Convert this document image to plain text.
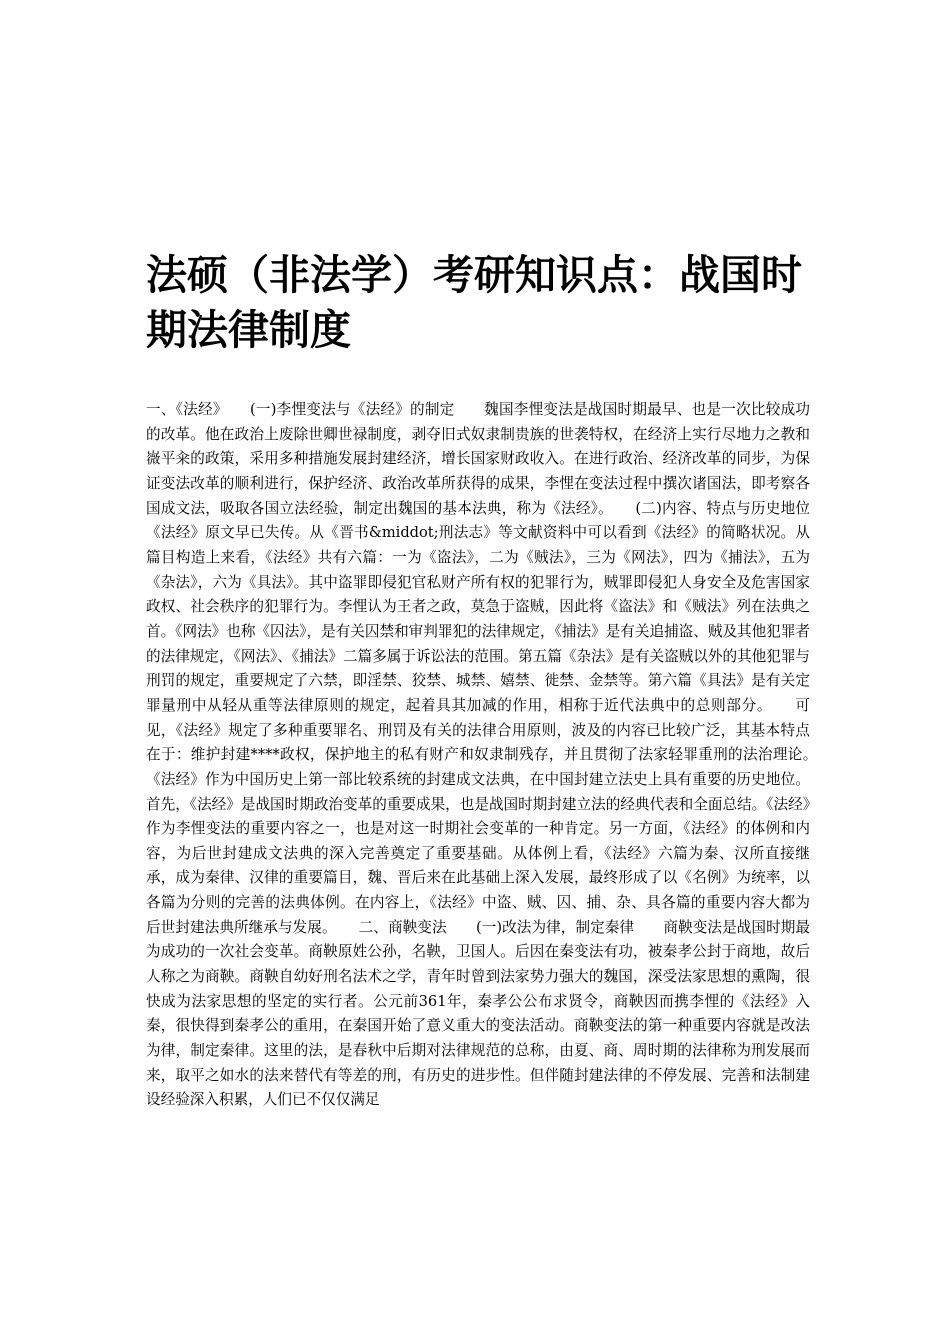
法硕（非法学）考研知识点：战国时期法律制度

一、《法经》　　(一)李悝变法与《法经》的制定　　魏国李悝变法是战国时期最早、也是一次比较成功的改革。他在政治上废除世卿世禄制度，剥夺旧式奴隶制贵族的世袭特权，在经济上实行尽地力之教和嶶平籴的政策，采用多种措施发展封建经济，增长国家财政收入。在进行政治、经济改革的同步，为保证变法改革的顺利进行，保护经济、政治改革所获得的成果，李悝在变法过程中撰次诸国法，即考察各国成文法，吸取各国立法经验，制定出魏国的基本法典，称为《法经》。　　(二)内容、特点与历史地位　　《法经》原文早已失传。从《晋书&middot;刑法志》等文献资料中可以看到《法经》的简略状况。从篇目构造上来看，《法经》共有六篇：一为《盗法》，二为《贼法》，三为《网法》，四为《捕法》，五为《杂法》，六为《具法》。其中盗罪即侵犯官私财产所有权的犯罪行为，贼罪即侵犯人身安全及危害国家政权、社会秩序的犯罪行为。李悝认为王者之政，莫急于盗贼，因此将《盗法》和《贼法》列在法典之首。《网法》也称《囚法》，是有关囚禁和审判罪犯的法律规定，《捕法》是有关追捕盗、贼及其他犯罪者的法律规定，《网法》、《捕法》二篇多属于诉讼法的范围。第五篇《杂法》是有关盗贼以外的其他犯罪与刑罚的规定，重要规定了六禁，即淫禁、狡禁、城禁、嬉禁、徙禁、金禁等。第六篇《具法》是有关定罪量刑中从轻从重等法律原则的规定，起着具其加减的作用，相称于近代法典中的总则部分。　　可见，《法经》规定了多种重要罪名、刑罚及有关的法律合用原则，波及的内容已比较广泛，其基本特点在于：维护封建****政权，保护地主的私有财产和奴隶制残存，并且贯彻了法家轻罪重刑的法治理论。　　《法经》作为中国历史上第一部比较系统的封建成文法典，在中国封建立法史上具有重要的历史地位。首先，《法经》是战国时期政治变革的重要成果，也是战国时期封建立法的经典代表和全面总结。《法经》作为李悝变法的重要内容之一，也是对这一时期社会变革的一种肯定。另一方面，《法经》的体例和内容，为后世封建成文法典的深入完善奠定了重要基础。从体例上看，《法经》六篇为秦、汉所直接继承，成为秦律、汉律的重要篇目，魏、晋后来在此基础上深入发展，最终形成了以《名例》为统率，以各篇为分则的完善的法典体例。在内容上，《法经》中盗、贼、囚、捕、杂、具各篇的重要内容大都为后世封建法典所继承与发展。　　二、商鞅变法　　(一)改法为律，制定秦律　　商鞅变法是战国时期最为成功的一次社会变革。商鞅原姓公孙，名鞅，卫国人。后因在秦变法有功，被秦孝公封于商地，故后人称之为商鞅。商鞅自幼好刑名法术之学，青年时曾到法家势力强大的魏国，深受法家思想的熏陶，很快成为法家思想的坚定的实行者。公元前361年，秦孝公公布求贤令，商鞅因而携李悝的《法经》入秦，很快得到秦孝公的重用，在秦国开始了意义重大的变法活动。商鞅变法的第一种重要内容就是改法为律，制定秦律。这里的法，是春秋中后期对法律规范的总称，由夏、商、周时期的法律称为刑发展而来，取平之如水的法来替代有等差的刑，有历史的进步性。但伴随封建法律的不停发展、完善和法制建设经验深入积累，人们已不仅仅满足
